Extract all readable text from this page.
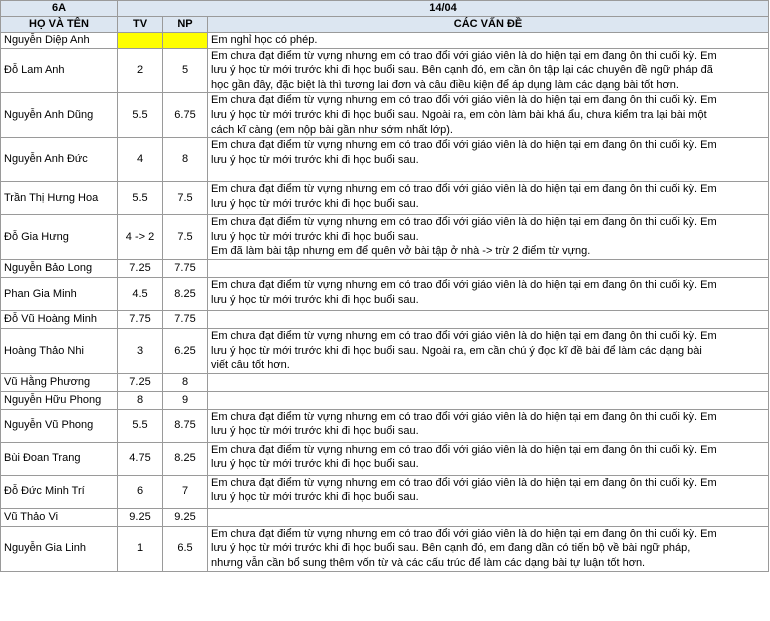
6A	14/04		
HỌ VÀ TÊN	TV	NP	CÁC VẤN ĐỀ
Nguyễn Diệp Anh			Em nghỉ học có phép.

Đỗ Lam Anh	2	5	Em chưa đạt điểm từ vựng nhưng em có trao đổi với giáo viên là do hiện tại em đang ôn thi cuối kỳ. Em
lưu ý học từ mới trước khi đi học buổi sau. Bên cạnh đó, em cần ôn tập lại các chuyên đề ngữ pháp đã
học gần đây, đặc biệt là thì tương lai đơn và câu điều kiện để áp dụng làm các dạng bài tốt hơn.

Nguyễn Anh Dũng	5.5	6.75	Em chưa đạt điểm từ vựng nhưng em có trao đổi với giáo viên là do hiện tại em đang ôn thi cuối kỳ. Em
lưu ý học từ mới trước khi đi học buổi sau. Ngoài ra, em còn làm bài khá ẩu, chưa kiểm tra lại bài một
cách kĩ càng (em nộp bài gần như sớm nhất lớp).

Nguyễn Anh Đức	4	8	Em chưa đạt điểm từ vựng nhưng em có trao đổi với giáo viên là do hiện tại em đang ôn thi cuối kỳ. Em
lưu ý học từ mới trước khi đi học buổi sau.

Trần Thị Hưng Hoa	5.5	7.5	Em chưa đạt điểm từ vựng nhưng em có trao đổi với giáo viên là do hiện tại em đang ôn thi cuối kỳ. Em
lưu ý học từ mới trước khi đi học buổi sau.

Đỗ Gia Hưng	4 -> 2	7.5	Em chưa đạt điểm từ vựng nhưng em có trao đổi với giáo viên là do hiện tại em đang ôn thi cuối kỳ. Em
lưu ý học từ mới trước khi đi học buổi sau.
Em đã làm bài tập nhưng em để quên vở bài tập ở nhà -> trừ 2 điểm từ vựng.

Nguyễn Bảo Long	7.25	7.75	
Phan Gia Minh	4.5	8.25	Em chưa đạt điểm từ vựng nhưng em có trao đổi với giáo viên là do hiện tại em đang ôn thi cuối kỳ. Em
lưu ý học từ mới trước khi đi học buổi sau.

Đỗ Vũ Hoàng Minh	7.75	7.75	
Hoàng Thảo Nhi	3	6.25	Em chưa đạt điểm từ vựng nhưng em có trao đổi với giáo viên là do hiện tại em đang ôn thi cuối kỳ. Em
lưu ý học từ mới trước khi đi học buổi sau. Ngoài ra, em cần chú ý đọc kĩ đề bài để làm các dạng bài
viết câu tốt hơn.

Vũ Hằng Phương	7.25	8	
Nguyễn Hữu Phong	8	9	
Nguyễn Vũ Phong	5.5	8.75	Em chưa đạt điểm từ vựng nhưng em có trao đổi với giáo viên là do hiện tại em đang ôn thi cuối kỳ. Em
lưu ý học từ mới trước khi đi học buổi sau.

Bùi Đoan Trang	4.75	8.25	Em chưa đạt điểm từ vựng nhưng em có trao đổi với giáo viên là do hiện tại em đang ôn thi cuối kỳ. Em
lưu ý học từ mới trước khi đi học buổi sau.

Đỗ Đức Minh Trí	6	7	Em chưa đạt điểm từ vựng nhưng em có trao đổi với giáo viên là do hiện tại em đang ôn thi cuối kỳ. Em
lưu ý học từ mới trước khi đi học buổi sau.

Vũ Thảo Vi	9.25	9.25	
Nguyễn Gia Linh	1	6.5	Em chưa đạt điểm từ vựng nhưng em có trao đổi với giáo viên là do hiện tại em đang ôn thi cuối kỳ. Em
lưu ý học từ mới trước khi đi học buổi sau. Bên cạnh đó, em đang dần có tiến bộ về bài ngữ pháp,
nhưng vẫn cần bổ sung thêm vốn từ và các cấu trúc để làm các dạng bài tự luận tốt hơn.
